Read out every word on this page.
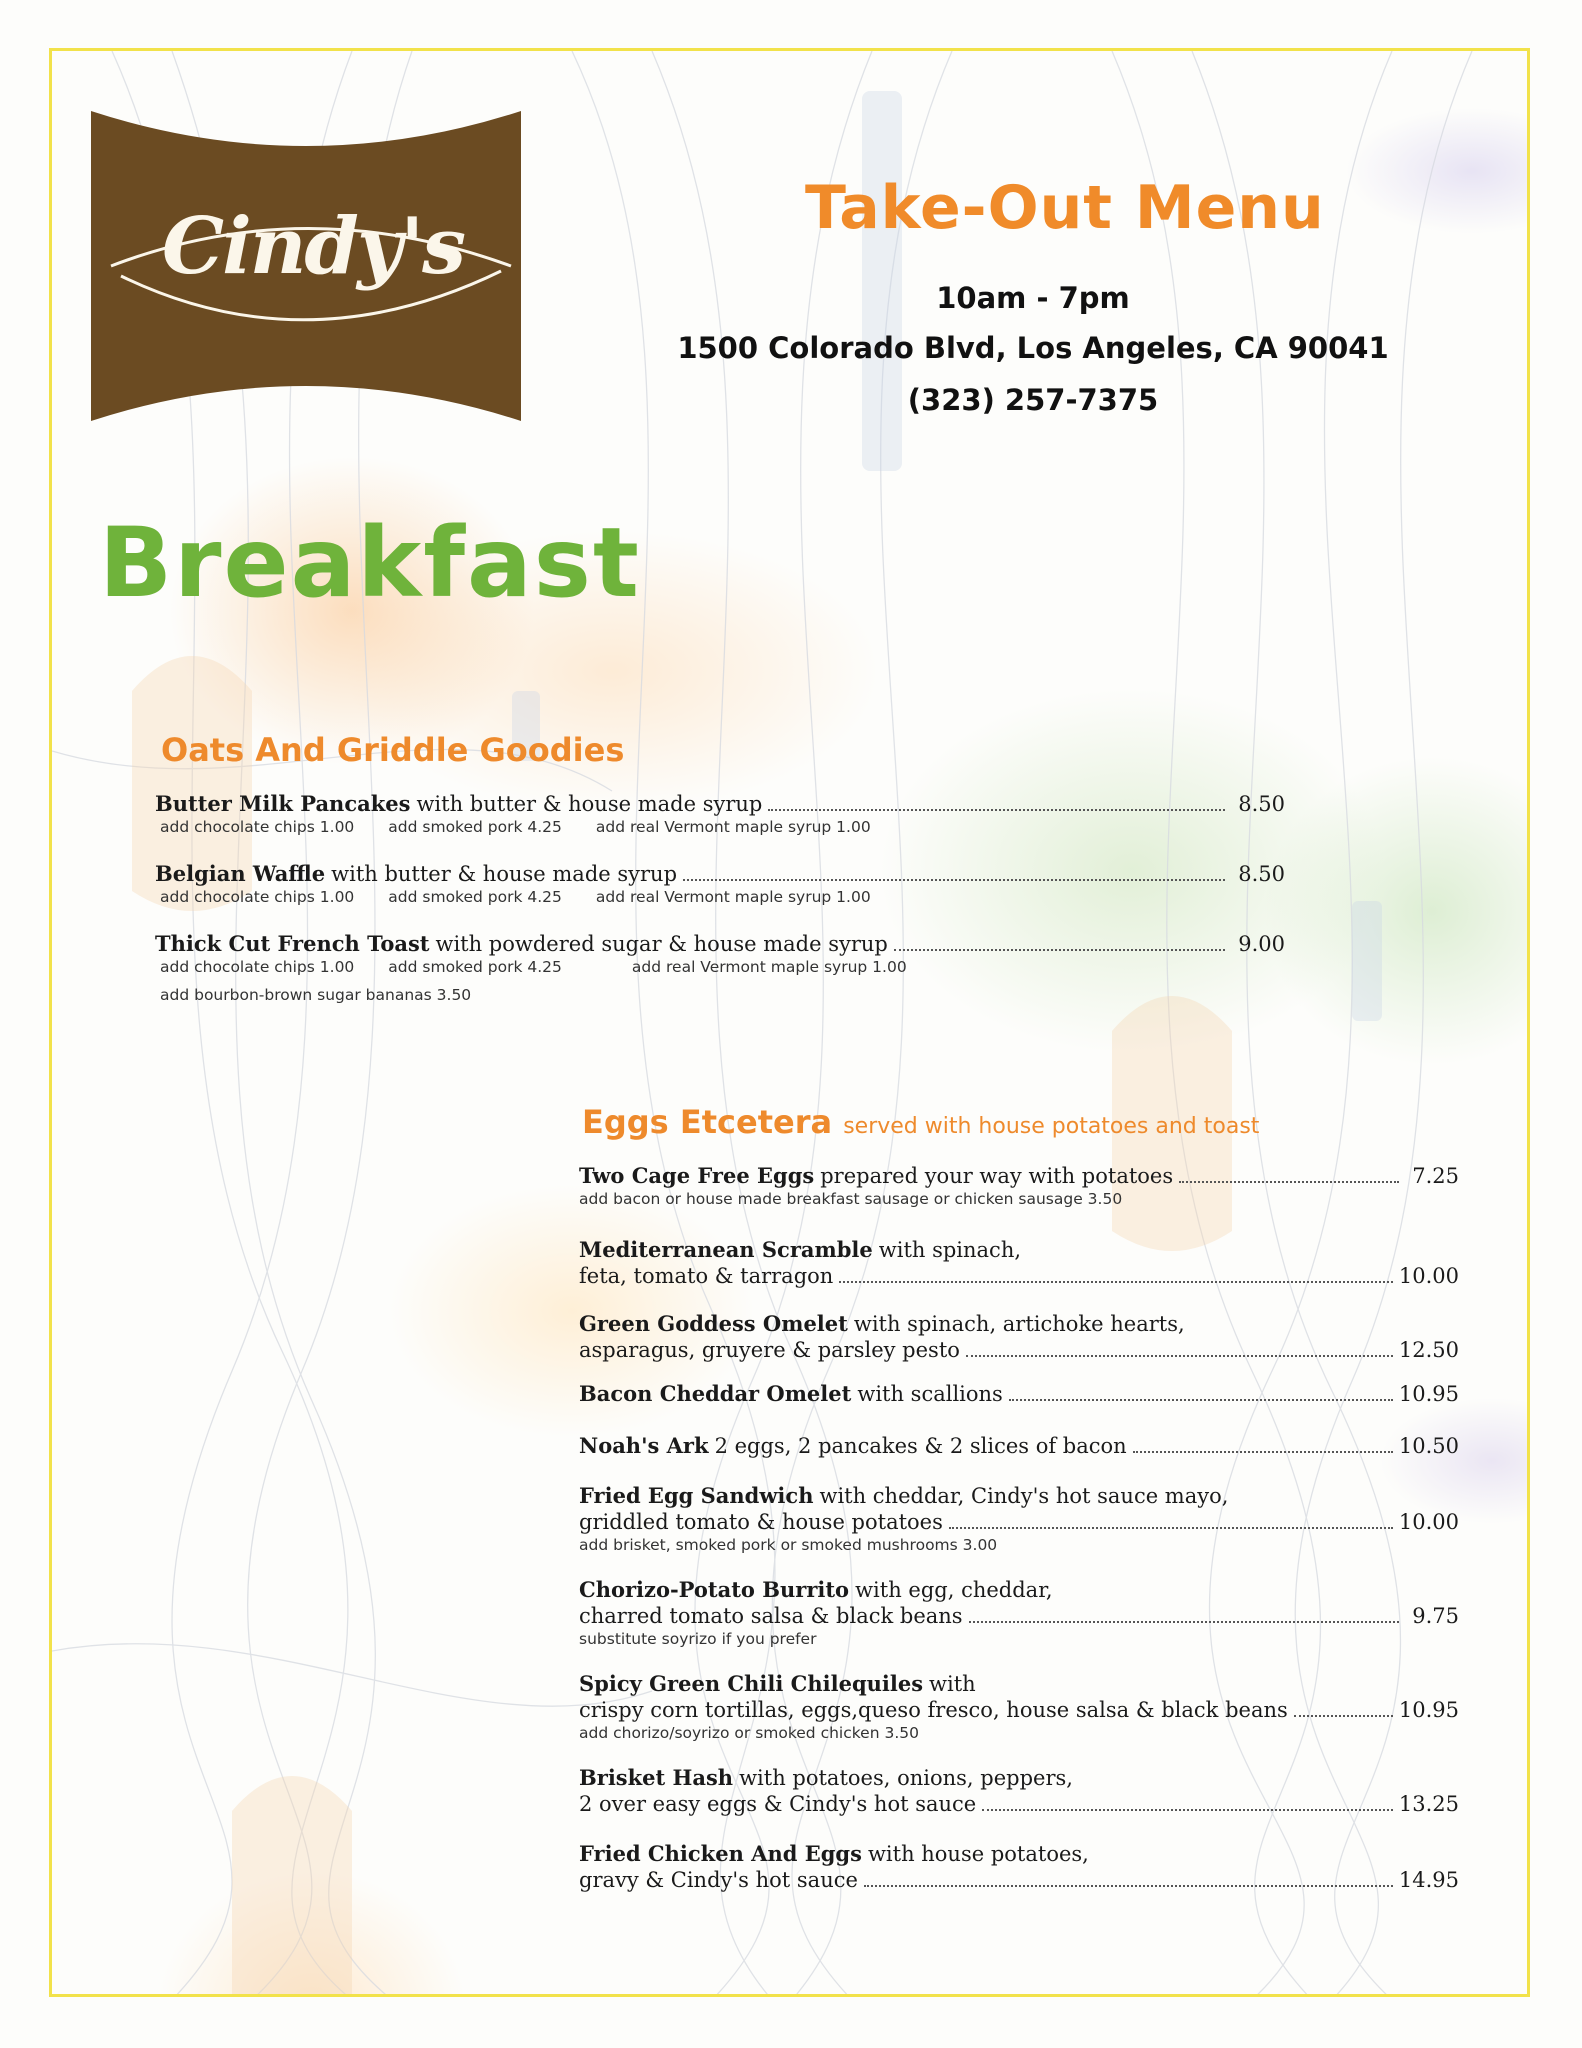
Cindy's	Take-Out Menu
10am - 7pm
1500 Colorado Blvd, Los Angeles, CA 90041
(323) 257-7375
Breakfast
Oats And Griddle Goodies
Butter Milk Pancakes with butter & house made syrup	8.50
add chocolate chips 1.00 add smoked pork 4.25 add real Vermont maple syrup 1.00
Belgian Waffle with butter & house made syrup	8.50
add chocolate chips 1.00 add smoked pork 4.25 add real Vermont maple syrup 1.00
Thick Cut French Toast with powdered sugar & house made syrup	9.00
add chocolate chips 1.00 add smoked pork 4.25	add real Vermont maple syrup 1.00
add bourbon-brown sugar bananas 3.50
Eggs Etcetera served with house potatoes and toast
Two Cage Free Eggs prepared your way with potatoes	7.25
add bacon or house made breakfast sausage or chicken sausage 3.50
Mediterranean Scramble with spinach,
feta, tomato & tarragon	10.00
Green Goddess Omelet with spinach, artichoke hearts,
asparagus, gruyere & parsley pesto	12.50
Bacon Cheddar Omelet with scallions	10.95
Noah's Ark 2 eggs, 2 pancakes & 2 slices of bacon	10.50
Fried Egg Sandwich with cheddar, Cindy's hot sauce mayo,
griddled tomato & house potatoes	10.00
add brisket, smoked pork or smoked mushrooms 3.00
Chorizo-Potato Burrito with egg, cheddar,
charred tomato salsa & black beans	9.75
substitute soyrizo if you prefer
Spicy Green Chili Chilequiles with
crispy corn tortillas, eggs,queso fresco, house salsa & black beans	10.95
add chorizo/soyrizo or smoked chicken 3.50
Brisket Hash with potatoes, onions, peppers,
2 over easy eggs & Cindy's hot sauce	13.25
Fried Chicken And Eggs with house potatoes,
gravy & Cindy's hot sauce	14.95
